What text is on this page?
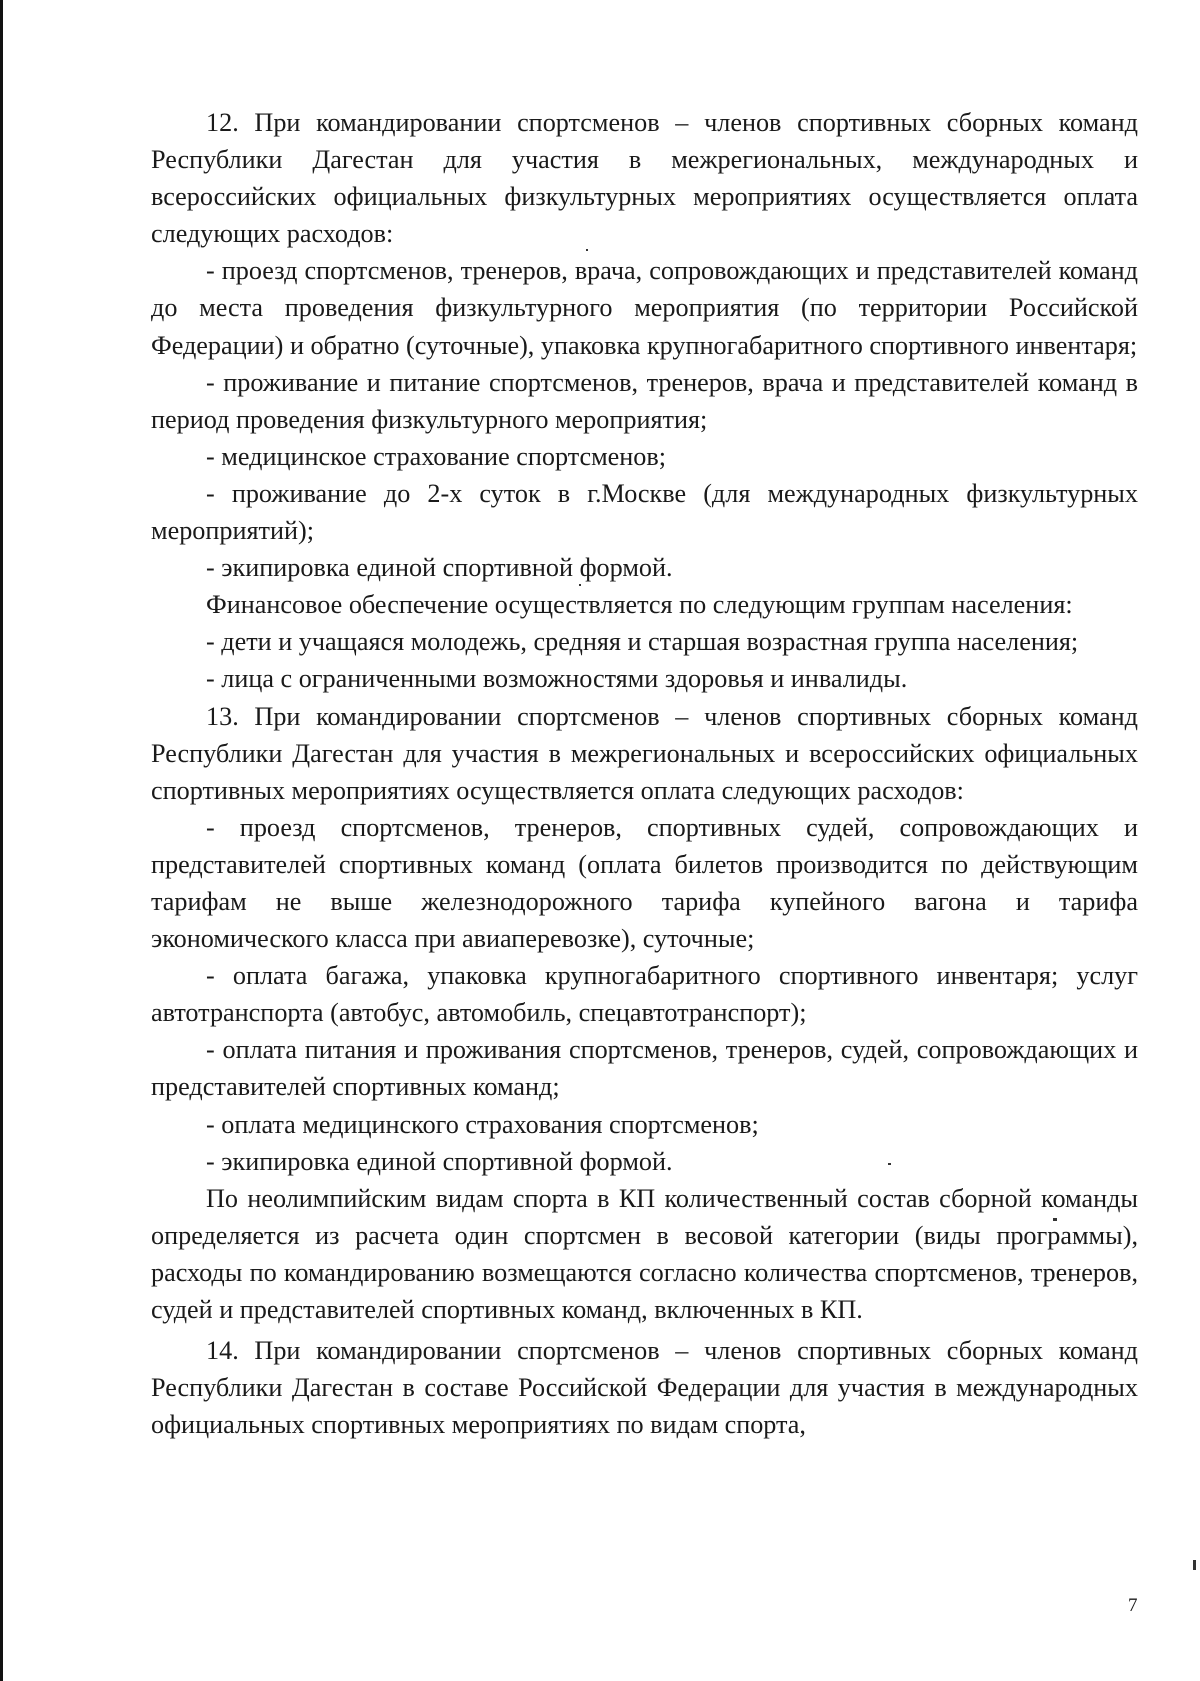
12. При командировании спортсменов – членов спортивных сборных команд Республики Дагестан для участия в межрегиональных, международных и всероссийских официальных физкультурных мероприятиях осуществляется оплата следующих расходов:

- проезд спортсменов, тренеров, врача, сопровождающих и представителей команд до места проведения физкультурного мероприятия (по территории Российской Федерации) и обратно (суточные), упаковка крупногабаритного спортивного инвентаря;

- проживание и питание спортсменов, тренеров, врача и представителей команд в период проведения физкультурного мероприятия;

- медицинское страхование спортсменов;

- проживание до 2-х суток в г.Москве (для международных физкультурных мероприятий);

- экипировка единой спортивной формой.

Финансовое обеспечение осуществляется по следующим группам населения:

- дети и учащаяся молодежь, средняя и старшая возрастная группа населения;

- лица с ограниченными возможностями здоровья и инвалиды.

13. При командировании спортсменов – членов спортивных сборных команд Республики Дагестан для участия в межрегиональных и всероссийских официальных спортивных мероприятиях осуществляется оплата следующих расходов:

- проезд спортсменов, тренеров, спортивных судей, сопровождающих и представителей спортивных команд (оплата билетов производится по действующим тарифам не выше железнодорожного тарифа купейного вагона и тарифа экономического класса при авиаперевозке), суточные;

- оплата багажа, упаковка крупногабаритного спортивного инвентаря; услуг автотранспорта (автобус, автомобиль, спецавтотранспорт);

- оплата питания и проживания спортсменов, тренеров, судей, сопровождающих и представителей спортивных команд;

- оплата медицинского страхования спортсменов;

- экипировка единой спортивной формой.

По неолимпийским видам спорта в КП количественный состав сборной команды определяется из расчета один спортсмен в весовой категории (виды программы), расходы по командированию возмещаются согласно количества спортсменов, тренеров, судей и представителей спортивных команд, включенных в КП.

14. При командировании спортсменов – членов спортивных сборных команд Республики Дагестан в составе Российской Федерации для участия в международных официальных спортивных мероприятиях по видам спорта,

7
